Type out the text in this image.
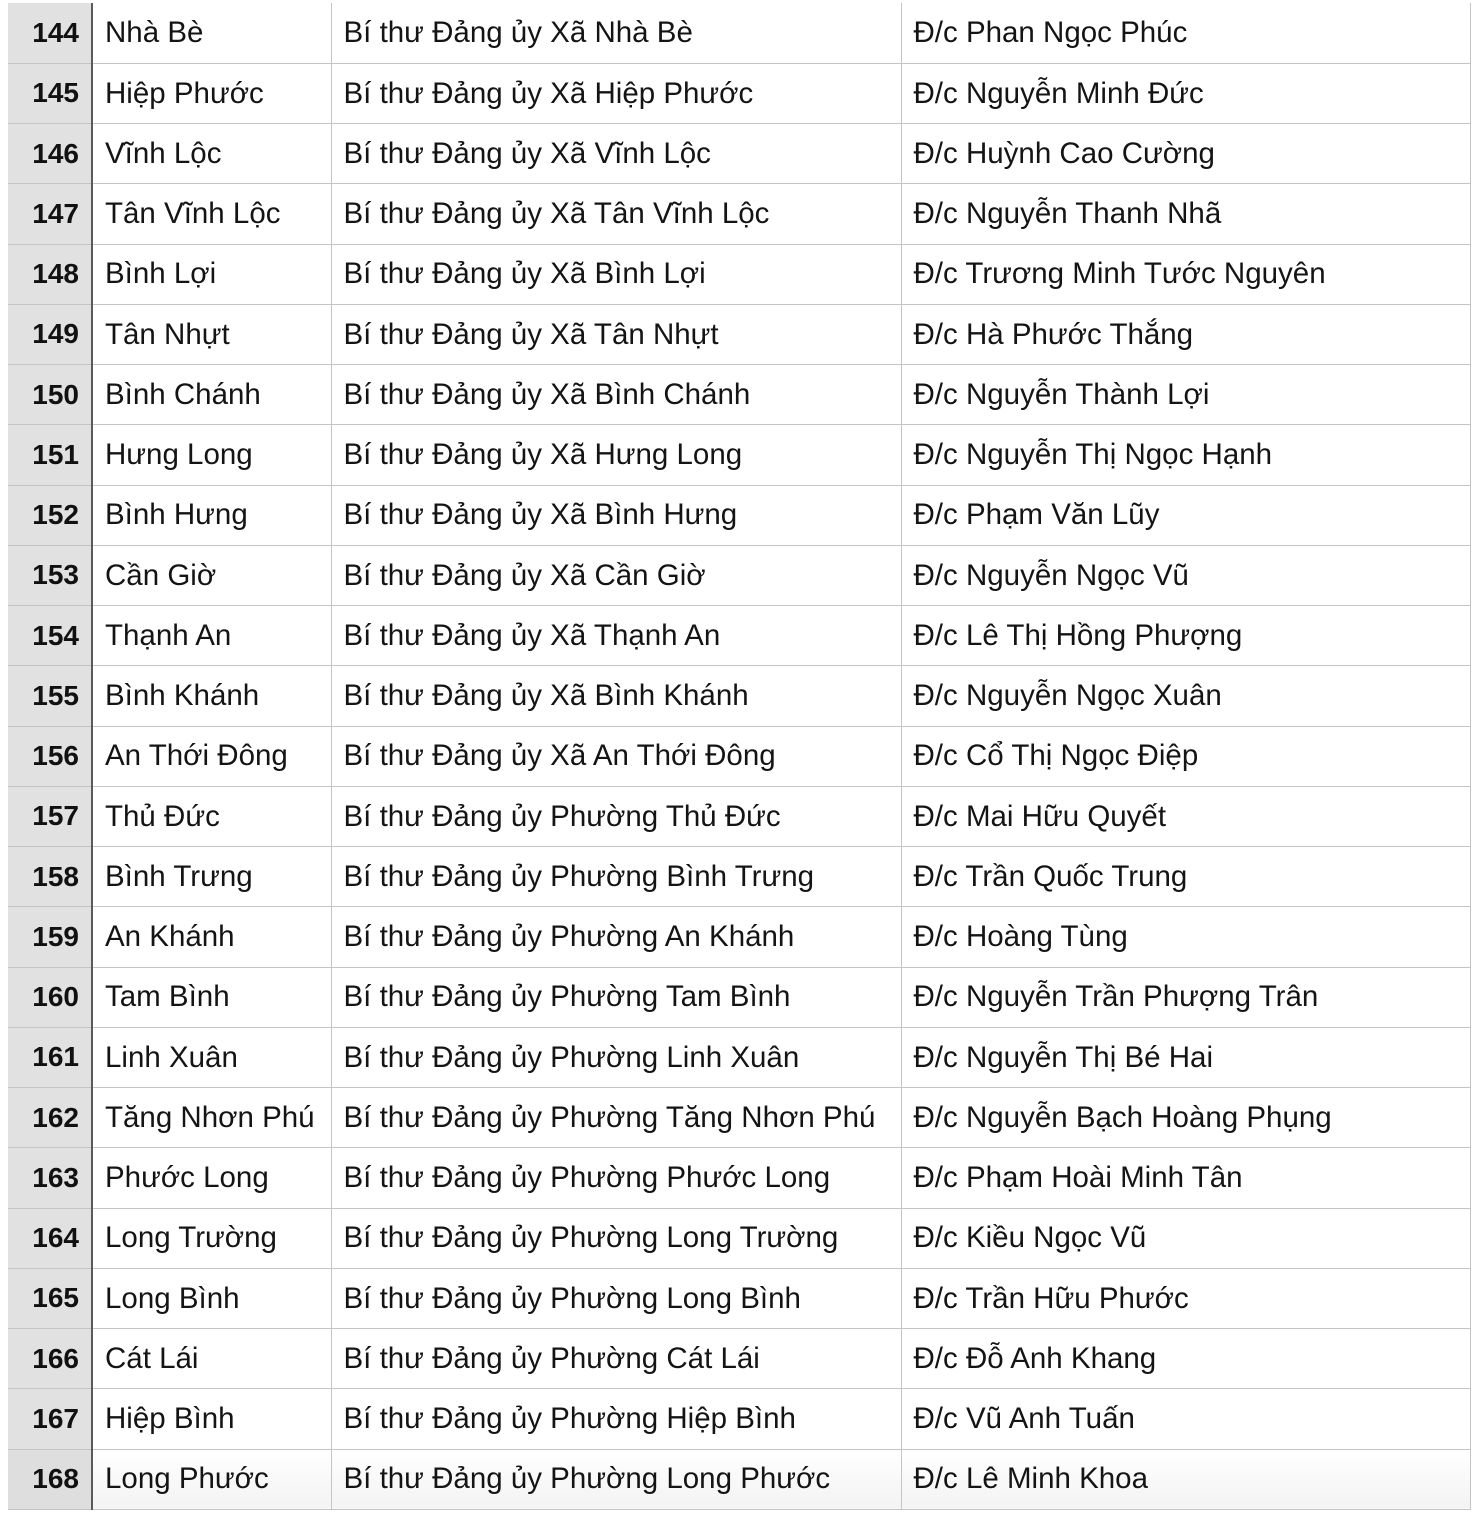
144	Nhà Bè	Bí thư Đảng ủy Xã Nhà Bè	Đ/c Phan Ngọc Phúc
145	Hiệp Phước	Bí thư Đảng ủy Xã Hiệp Phước	Đ/c Nguyễn Minh Đức
146	Vĩnh Lộc	Bí thư Đảng ủy Xã Vĩnh Lộc	Đ/c Huỳnh Cao Cường
147	Tân Vĩnh Lộc	Bí thư Đảng ủy Xã Tân Vĩnh Lộc	Đ/c Nguyễn Thanh Nhã
148	Bình Lợi	Bí thư Đảng ủy Xã Bình Lợi	Đ/c Trương Minh Tước Nguyên
149	Tân Nhựt	Bí thư Đảng ủy Xã Tân Nhựt	Đ/c Hà Phước Thắng
150	Bình Chánh	Bí thư Đảng ủy Xã Bình Chánh	Đ/c Nguyễn Thành Lợi
151	Hưng Long	Bí thư Đảng ủy Xã Hưng Long	Đ/c Nguyễn Thị Ngọc Hạnh
152	Bình Hưng	Bí thư Đảng ủy Xã Bình Hưng	Đ/c Phạm Văn Lũy
153	Cần Giờ	Bí thư Đảng ủy Xã Cần Giờ	Đ/c Nguyễn Ngọc Vũ
154	Thạnh An	Bí thư Đảng ủy Xã Thạnh An	Đ/c Lê Thị Hồng Phượng
155	Bình Khánh	Bí thư Đảng ủy Xã Bình Khánh	Đ/c Nguyễn Ngọc Xuân
156	An Thới Đông	Bí thư Đảng ủy Xã An Thới Đông	Đ/c Cổ Thị Ngọc Điệp
157	Thủ Đức	Bí thư Đảng ủy Phường Thủ Đức	Đ/c Mai Hữu Quyết
158	Bình Trưng	Bí thư Đảng ủy Phường Bình Trưng	Đ/c Trần Quốc Trung
159	An Khánh	Bí thư Đảng ủy Phường An Khánh	Đ/c Hoàng Tùng
160	Tam Bình	Bí thư Đảng ủy Phường Tam Bình	Đ/c Nguyễn Trần Phượng Trân
161	Linh Xuân	Bí thư Đảng ủy Phường Linh Xuân	Đ/c Nguyễn Thị Bé Hai
162	Tăng Nhơn Phú	Bí thư Đảng ủy Phường Tăng Nhơn Phú	Đ/c Nguyễn Bạch Hoàng Phụng
163	Phước Long	Bí thư Đảng ủy Phường Phước Long	Đ/c Phạm Hoài Minh Tân
164	Long Trường	Bí thư Đảng ủy Phường Long Trường	Đ/c Kiều Ngọc Vũ
165	Long Bình	Bí thư Đảng ủy Phường Long Bình	Đ/c Trần Hữu Phước
166	Cát Lái	Bí thư Đảng ủy Phường Cát Lái	Đ/c Đỗ Anh Khang
167	Hiệp Bình	Bí thư Đảng ủy Phường Hiệp Bình	Đ/c Vũ Anh Tuấn
168	Long Phước	Bí thư Đảng ủy Phường Long Phước	Đ/c Lê Minh Khoa
